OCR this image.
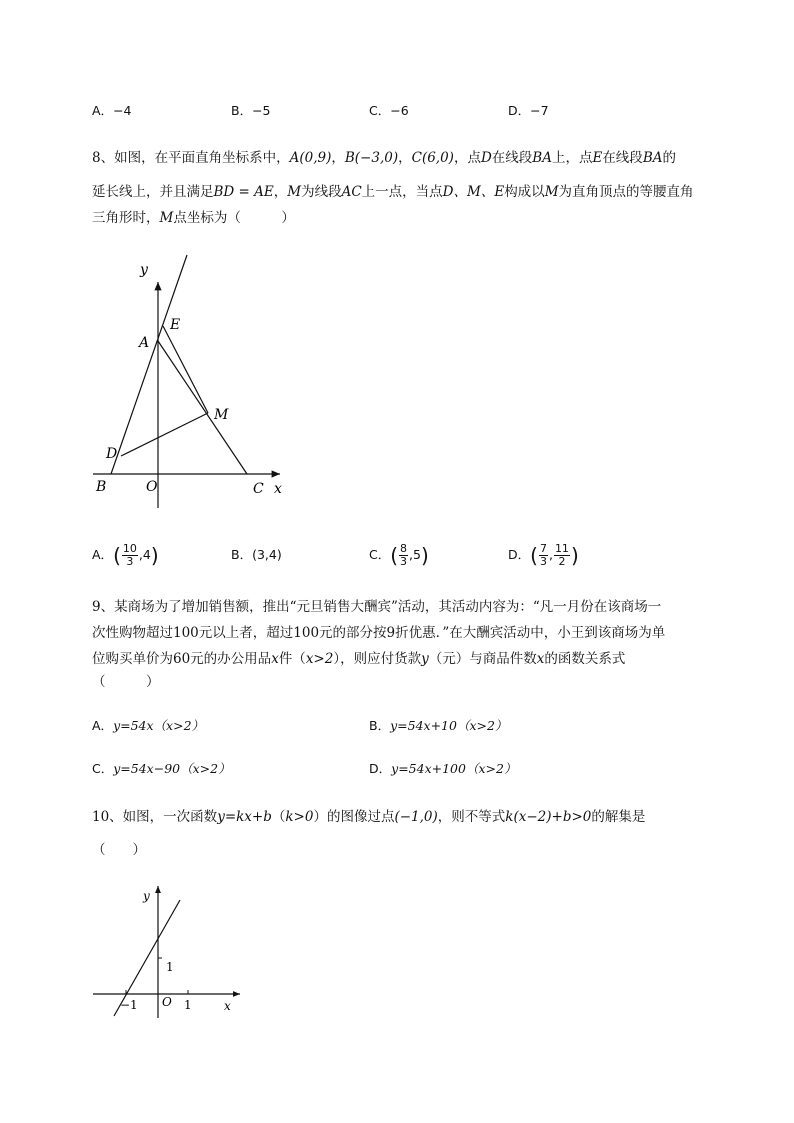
A．−4	B．−5	C．−6	D．−7
8、如图，在平面直角坐标系中，A(0,9)，B(−3,0)，C(6,0)，点D在线段BA上，点E在线段BA的
延长线上，并且满足BD = AE，M为线段AC上一点，当点D、M、E构成以M为直角顶点的等腰直角
三角形时，M点坐标为（　　　）
y
x
A
E
M
D
B	O	C
A．( $\frac{10}{3} ,4$)	B．(3,4)	C．( $\frac{8}{3} ,5$)	D．( $\frac{7}{3}$ , $\frac{11}{2}$ )
9、某商场为了增加销售额，推出“元旦销售大酬宾”活动，其活动内容为：“凡一月份在该商场一
次性购物超过100元以上者，超过100元的部分按9折优惠．”在大酬宾活动中，小王到该商场为单
位购买单价为60元的办公用品x件（x>2），则应付货款y（元）与商品件数x的函数关系式
（　　　）
A．y=54x（x>2）	B．y=54x+10（x>2）
C．y=54x−90（x>2）	D．y=54x+100（x>2）
10、如图，一次函数y=kx+b（k>0）的图像过点(−1,0)，则不等式k(x−2)+b>0的解集是
（　　）
y
x
O
1
1
−1
